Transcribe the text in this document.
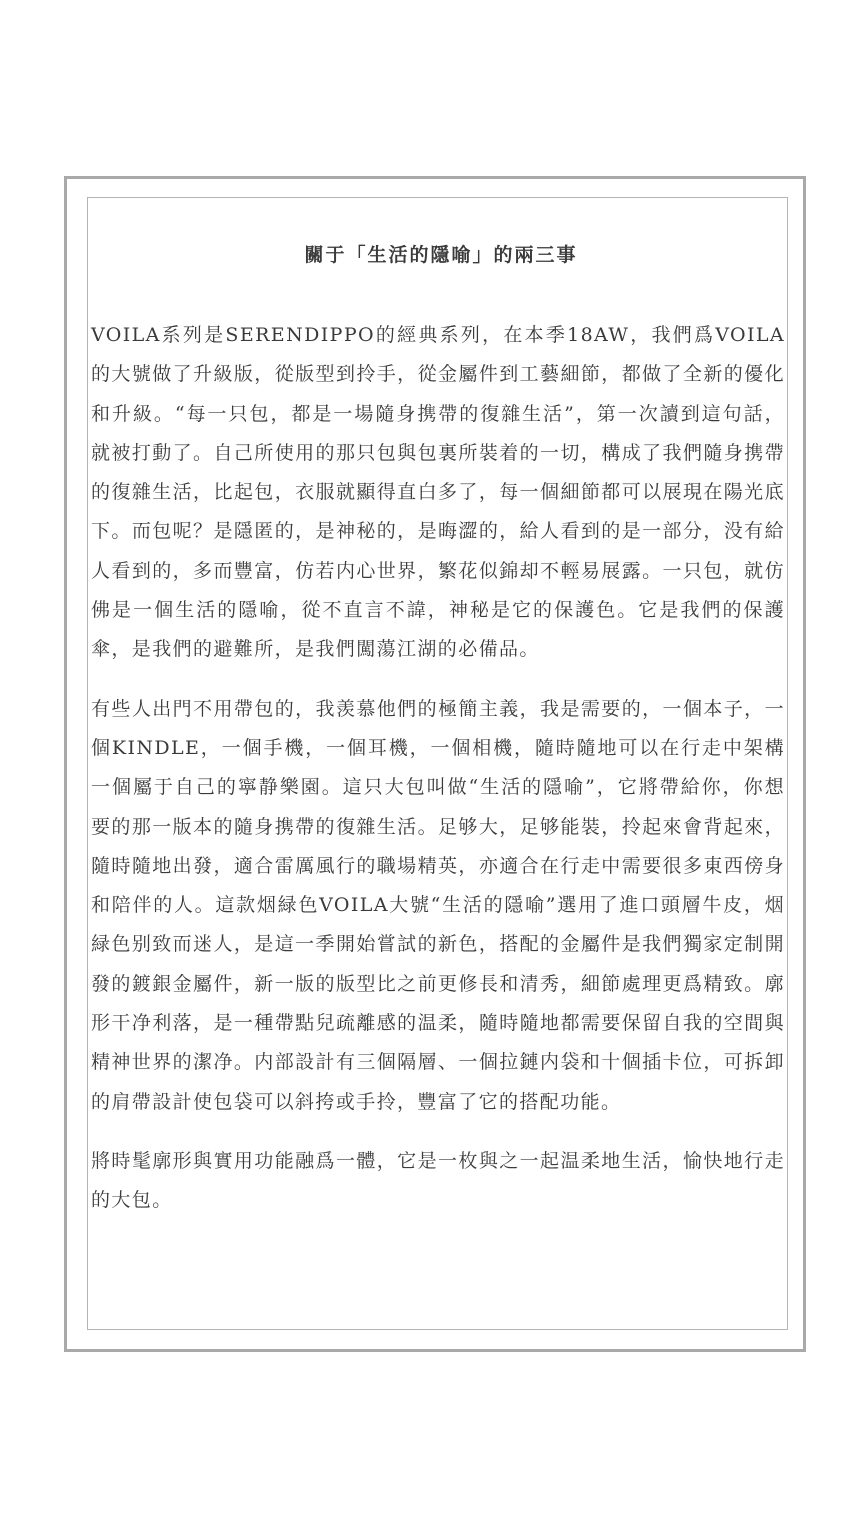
關于「生活的隱喻」的兩三事

VOILA系列是SERENDIPPO的經典系列，在本季18AW，我們爲VOILA的大號做了升級版，從版型到拎手，從金屬件到工藝細節，都做了全新的優化和升級。“每一只包，都是一場隨身携帶的復雜生活”，第一次讀到這句話，就被打動了。自己所使用的那只包與包裏所裝着的一切，構成了我們隨身携帶的復雜生活，比起包，衣服就顯得直白多了，每一個細節都可以展現在陽光底下。而包呢？是隱匿的，是神秘的，是晦澀的，給人看到的是一部分，没有給人看到的，多而豐富，仿若内心世界，繁花似錦却不輕易展露。一只包，就仿佛是一個生活的隱喻，從不直言不諱，神秘是它的保護色。它是我們的保護傘，是我們的避難所，是我們闖蕩江湖的必備品。

有些人出門不用帶包的，我羡慕他們的極簡主義，我是需要的，一個本子，一個KINDLE，一個手機，一個耳機，一個相機，隨時隨地可以在行走中架構一個屬于自己的寧静樂園。這只大包叫做“生活的隱喻”，它將帶給你，你想要的那一版本的隨身携帶的復雜生活。足够大，足够能裝，拎起來會背起來，隨時隨地出發，適合雷厲風行的職場精英，亦適合在行走中需要很多東西傍身和陪伴的人。這款烟緑色VOILA大號“生活的隱喻”選用了進口頭層牛皮，烟緑色别致而迷人，是這一季開始嘗試的新色，搭配的金屬件是我們獨家定制開發的鍍銀金屬件，新一版的版型比之前更修長和清秀，細節處理更爲精致。廓形干净利落，是一種帶點兒疏離感的温柔，隨時隨地都需要保留自我的空間與精神世界的潔净。内部設計有三個隔層、一個拉鏈内袋和十個插卡位，可拆卸的肩帶設計使包袋可以斜挎或手拎，豐富了它的搭配功能。

將時髦廓形與實用功能融爲一體，它是一枚與之一起温柔地生活，愉快地行走的大包。
